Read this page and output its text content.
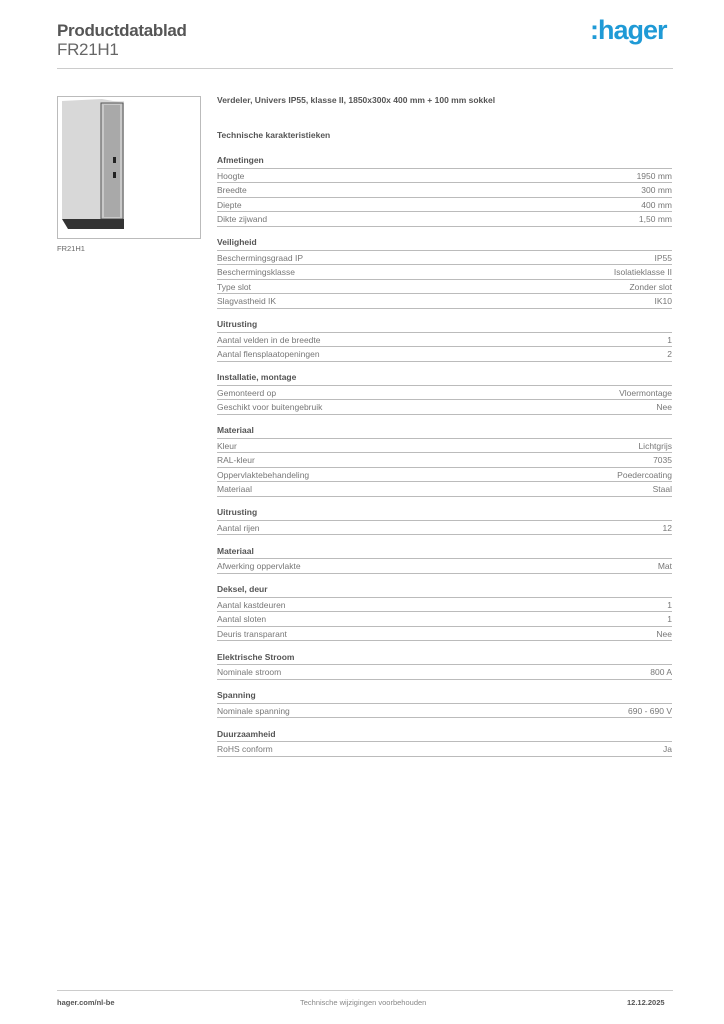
Productdatablad
FR21H1
:hager
FR21H1
Verdeler, Univers IP55, klasse II, 1850x300x 400 mm + 100 mm sokkel
Technische karakteristieken
Afmetingen
Hoogte	1950 mm
Breedte	300 mm
Diepte	400 mm
Dikte zijwand	1,50 mm
Veiligheid
Beschermingsgraad IP	IP55
Beschermingsklasse	Isolatieklasse II
Type slot	Zonder slot
Slagvastheid IK	IK10
Uitrusting
Aantal velden in de breedte	1
Aantal flensplaatopeningen	2
Installatie, montage
Gemonteerd op	Vloermontage
Geschikt voor buitengebruik	Nee
Materiaal
Kleur	Lichtgrijs
RAL-kleur	7035
Oppervlaktebehandeling	Poedercoating
Materiaal	Staal
Uitrusting
Aantal rijen	12
Materiaal
Afwerking oppervlakte	Mat
Deksel, deur
Aantal kastdeuren	1
Aantal sloten	1
Deuris transparant	Nee
Elektrische Stroom
Nominale stroom	800 A
Spanning
Nominale spanning	690 - 690 V
Duurzaamheid
RoHS conform	Ja
hager.com/nl-be	Technische wijzigingen voorbehouden	12.12.2025
